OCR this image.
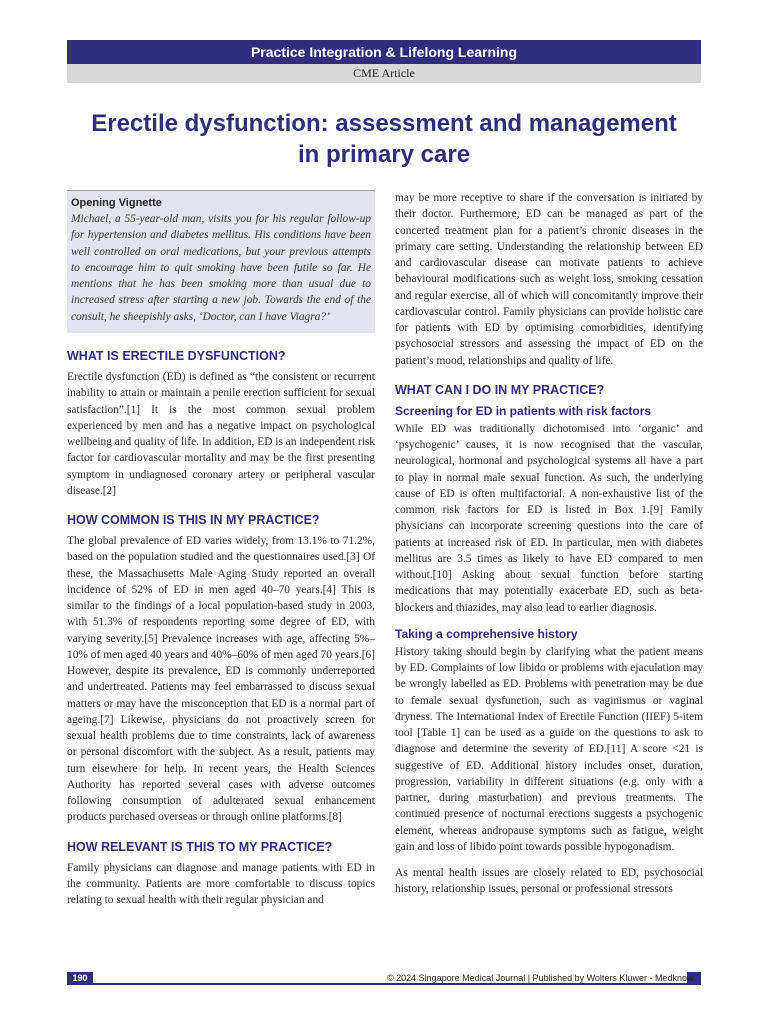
Practice Integration & Lifelong Learning
CME Article
Erectile dysfunction: assessment and management
in primary care
Opening Vignette
Michael, a 55-year-old man, visits you for his regular follow-up for hypertension and diabetes mellitus. His conditions have been well controlled on oral medications, but your previous attempts to encourage him to quit smoking have been futile so far. He mentions that he has been smoking more than usual due to increased stress after starting a new job. Towards the end of the consult, he sheepishly asks, ‘Doctor, can I have Viagra?’
WHAT IS ERECTILE DYSFUNCTION?

Erectile dysfunction (ED) is defined as “the consistent or recurrent inability to attain or maintain a penile erection sufficient for sexual satisfaction”.[1] It is the most common sexual problem experienced by men and has a negative impact on psychological wellbeing and quality of life. In addition, ED is an independent risk factor for cardiovascular mortality and may be the first presenting symptom in undiagnosed coronary artery or peripheral vascular disease.[2]

HOW COMMON IS THIS IN MY PRACTICE?

The global prevalence of ED varies widely, from 13.1% to 71.2%, based on the population studied and the questionnaires used.[3] Of these, the Massachusetts Male Aging Study reported an overall incidence of 52% of ED in men aged 40–70 years.[4] This is similar to the findings of a local population-based study in 2003, with 51.3% of respondents reporting some degree of ED, with varying severity.[5] Prevalence increases with age, affecting 5%–10% of men aged 40 years and 40%–60% of men aged 70 years.[6] However, despite its prevalence, ED is commonly underreported and undertreated. Patients may feel embarrassed to discuss sexual matters or may have the misconception that ED is a normal part of ageing.[7] Likewise, physicians do not proactively screen for sexual health problems due to time constraints, lack of awareness or personal discomfort with the subject. As a result, patients may turn elsewhere for help. In recent years, the Health Sciences Authority has reported several cases with adverse outcomes following consumption of adulterated sexual enhancement products purchased overseas or through online platforms.[8]

HOW RELEVANT IS THIS TO MY PRACTICE?

Family physicians can diagnose and manage patients with ED in the community. Patients are more comfortable to discuss topics relating to sexual health with their regular physician and

may be more receptive to share if the conversation is initiated by their doctor. Furthermore, ED can be managed as part of the concerted treatment plan for a patient’s chronic diseases in the primary care setting. Understanding the relationship between ED and cardiovascular disease can motivate patients to achieve behavioural modifications such as weight loss, smoking cessation and regular exercise, all of which will concomitantly improve their cardiovascular control. Family physicians can provide holistic care for patients with ED by optimising comorbidities, identifying psychosocial stressors and assessing the impact of ED on the patient’s mood, relationships and quality of life.

WHAT CAN I DO IN MY PRACTICE?
Screening for ED in patients with risk factors

While ED was traditionally dichotomised into ‘organic’ and ‘psychogenic’ causes, it is now recognised that the vascular, neurological, hormonal and psychological systems all have a part to play in normal male sexual function. As such, the underlying cause of ED is often multifactorial. A non-exhaustive list of the common risk factors for ED is listed in Box 1.[9] Family physicians can incorporate screening questions into the care of patients at increased risk of ED. In particular, men with diabetes mellitus are 3.5 times as likely to have ED compared to men without.[10] Asking about sexual function before starting medications that may potentially exacerbate ED, such as beta-blockers and thiazides, may also lead to earlier diagnosis.

Taking a comprehensive history

History taking should begin by clarifying what the patient means by ED. Complaints of low libido or problems with ejaculation may be wrongly labelled as ED. Problems with penetration may be due to female sexual dysfunction, such as vaginismus or vaginal dryness. The International Index of Erectile Function (IIEF) 5-item tool [Table 1] can be used as a guide on the questions to ask to diagnose and determine the severity of ED.[11] A score <21 is suggestive of ED. Additional history includes onset, duration, progression, variability in different situations (e.g. only with a partner, during masturbation) and previous treatments. The continued presence of nocturnal erections suggests a psychogenic element, whereas andropause symptoms such as fatigue, weight gain and loss of libido point towards possible hypogonadism.

As mental health issues are closely related to ED, psychosocial history, relationship issues, personal or professional stressors

190	© 2024 Singapore Medical Journal | Published by Wolters Kluwer - Medknow
